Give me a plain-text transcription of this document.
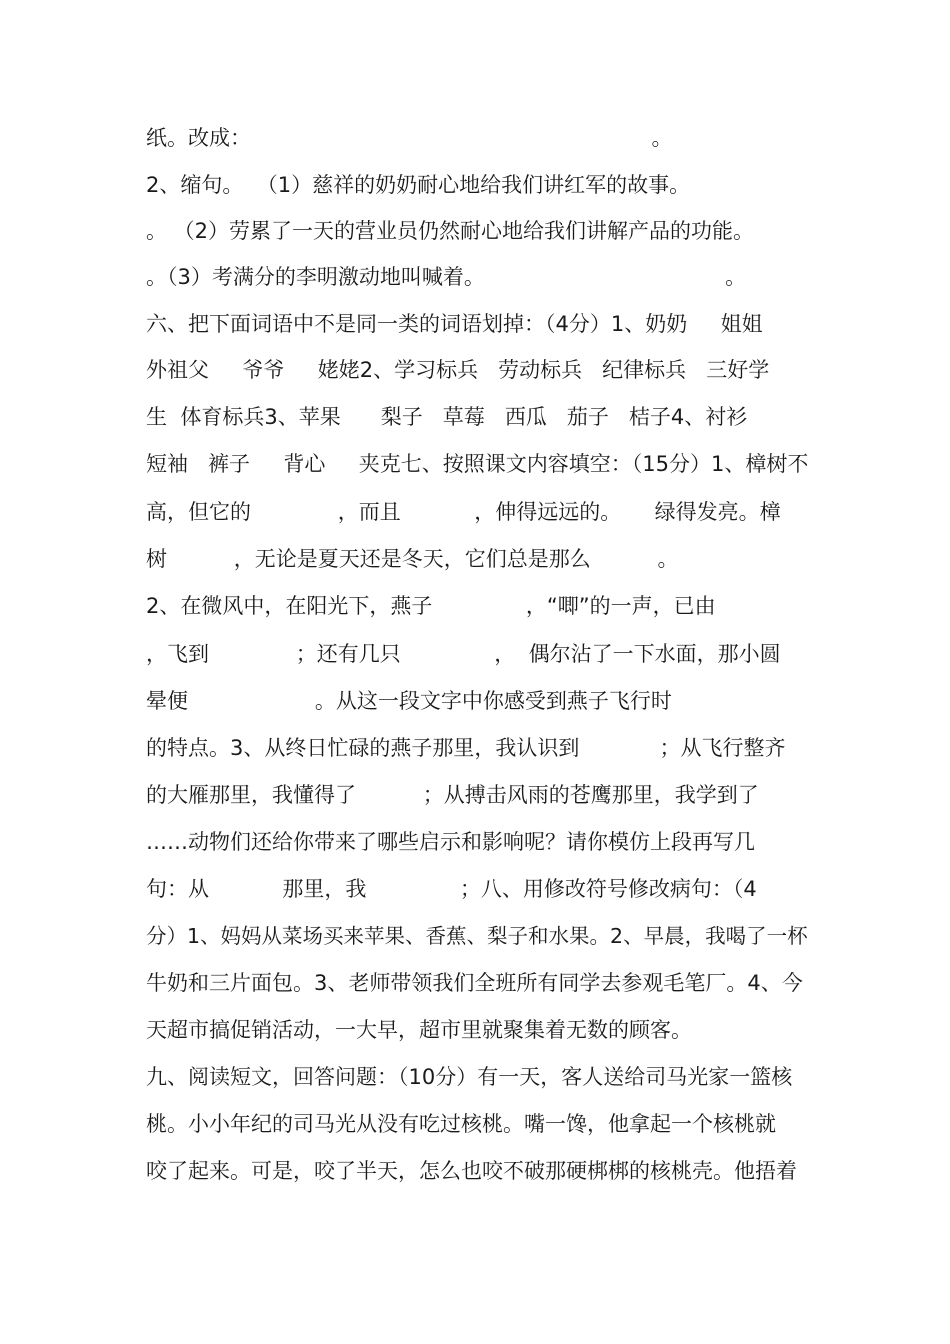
纸。改成：                                                            。
2、缩句。  （1）慈祥的奶奶耐心地给我们讲红军的故事。
。 （2）劳累了一天的营业员仍然耐心地给我们讲解产品的功能。
。（3）考满分的李明激动地叫喊着。                                    。
六、把下面词语中不是同一类的词语划掉：（4分）1、奶奶     姐姐
外祖父     爷爷     姥姥2、学习标兵   劳动标兵   纪律标兵   三好学
生  体育标兵3、苹果      梨子   草莓   西瓜   茄子   桔子4、衬衫
短袖   裤子     背心     夹克七、按照课文内容填空：（15分）1、樟树不
高，但它的             ，而且           ，伸得远远的。     绿得发亮。樟
树          ，无论是夏天还是冬天，它们总是那么          。
2、在微风中，在阳光下，燕子              ，“唧”的一声，已由
，飞到             ；还有几只              ，  偶尔沾了一下水面，那小圆
晕便                   。从这一段文字中你感受到燕子飞行时
的特点。3、从终日忙碌的燕子那里，我认识到            ；从飞行整齐
的大雁那里，我懂得了          ；从搏击风雨的苍鹰那里，我学到了
……动物们还给你带来了哪些启示和影响呢？请你模仿上段再写几
句：从           那里，我              ；八、用修改符号修改病句：（4
分）1、妈妈从菜场买来苹果、香蕉、梨子和水果。2、早晨，我喝了一杯
牛奶和三片面包。3、老师带领我们全班所有同学去参观毛笔厂。4、今
天超市搞促销活动，一大早，超市里就聚集着无数的顾客。
九、阅读短文，回答问题：（10分）有一天，客人送给司马光家一篮核
桃。小小年纪的司马光从没有吃过核桃。嘴一馋，他拿起一个核桃就
咬了起来。可是，咬了半天，怎么也咬不破那硬梆梆的核桃壳。他捂着
